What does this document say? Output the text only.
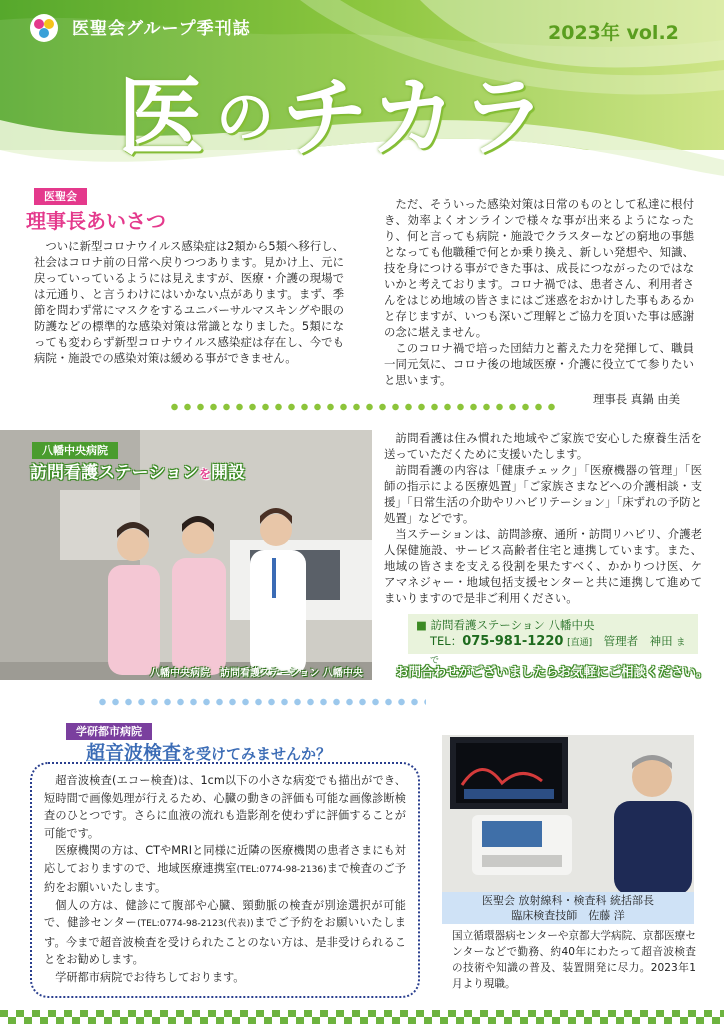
医聖会グループ季刊誌	2023年 vol.2
医 のチカラ
医聖会
理事長あいさつ

ついに新型コロナウイルス感染症は2類から5類へ移行し、社会はコロナ前の日常へ戻りつつあります。見かけ上、元に戻っていっているようには見えますが、医療・介護の現場では元通り、と言うわけにはいかない点があります。まず、季節を問わず常にマスクをするユニバーサルマスキングや眼の防護などの標準的な感染対策は常識となりました。5類になっても変わらず新型コロナウイルス感染症は存在し、今でも病院・施設での感染対策は緩める事ができません。

ただ、そういった感染対策は日常のものとして私達に根付き、効率よくオンラインで様々な事が出来るようになったり、何と言っても病院・施設でクラスターなどの窮地の事態となっても他職種で何とか乗り換え、新しい発想や、知識、技を身につける事ができた事は、成長につながったのではないかと考えております。コロナ禍では、患者さん、利用者さんをはじめ地域の皆さまにはご迷惑をおかけした事もあるかと存じますが、いつも深いご理解とご協力を頂いた事は感謝の念に堪えません。

このコロナ禍で培った団結力と蓄えた力を発揮して、職員一同元気に、コロナ後の地域医療・介護に役立てて参りたいと思います。

理事長 真鍋 由美
八幡中央病院
訪問看護ステーションを開設
八幡中央病院　訪問看護ステーション 八幡中央

訪問看護は住み慣れた地域やご家族で安心した療養生活を送っていただくために支援いたします。

訪問看護の内容は「健康チェック」「医療機器の管理」「医師の指示による医療処置」「ご家族さまなどへの介護相談・支援」「日常生活の介助やリハビリテーション」「床ずれの予防と処置」などです。

当ステーションは、訪問診療、通所・訪問リハビリ、介護老人保健施設、サービス高齢者住宅と連携しています。また、地域の皆さまを支える役割を果たすべく、かかりつけ医、ケアマネジャー・地域包括支援センターと共に連携して進めてまいりますので是非ご利用ください。

■ 訪問看護ステーション 八幡中央
TEL：075-981-1220 [直通]　 管理者　神田 まで
お問合わせがございましたらお気軽にご相談ください。
学研都市病院
超音波検査を受けてみませんか？

超音波検査(エコー検査)は、1cm以下の小さな病変でも描出ができ、短時間で画像処理が行えるため、心臓の動きの評価も可能な画像診断検査のひとつです。さらに血液の流れも造影剤を使わずに評価することが可能です。

医療機関の方は、CTやMRIと同様に近隣の医療機関の患者さまにも対応しておりますので、地域医療連携室(TEL:0774-98-2136)まで検査のご予約をお願いいたします。

個人の方は、健診にて腹部や心臓、頸動脈の検査が別途選択が可能で、健診センター(TEL:0774-98-2123(代表))までご予約をお願いいたします。今まで超音波検査を受けられたことのない方は、是非受けられることをお勧めします。

学研都市病院でお待ちしております。

医聖会 放射線科・検査科 統括部長
臨床検査技師　佐藤 洋
国立循環器病センターや京都大学病院、京都医療センターなどで勤務、約40年にわたって超音波検査の技術や知識の普及、装置開発に尽力。2023年1月より現職。
